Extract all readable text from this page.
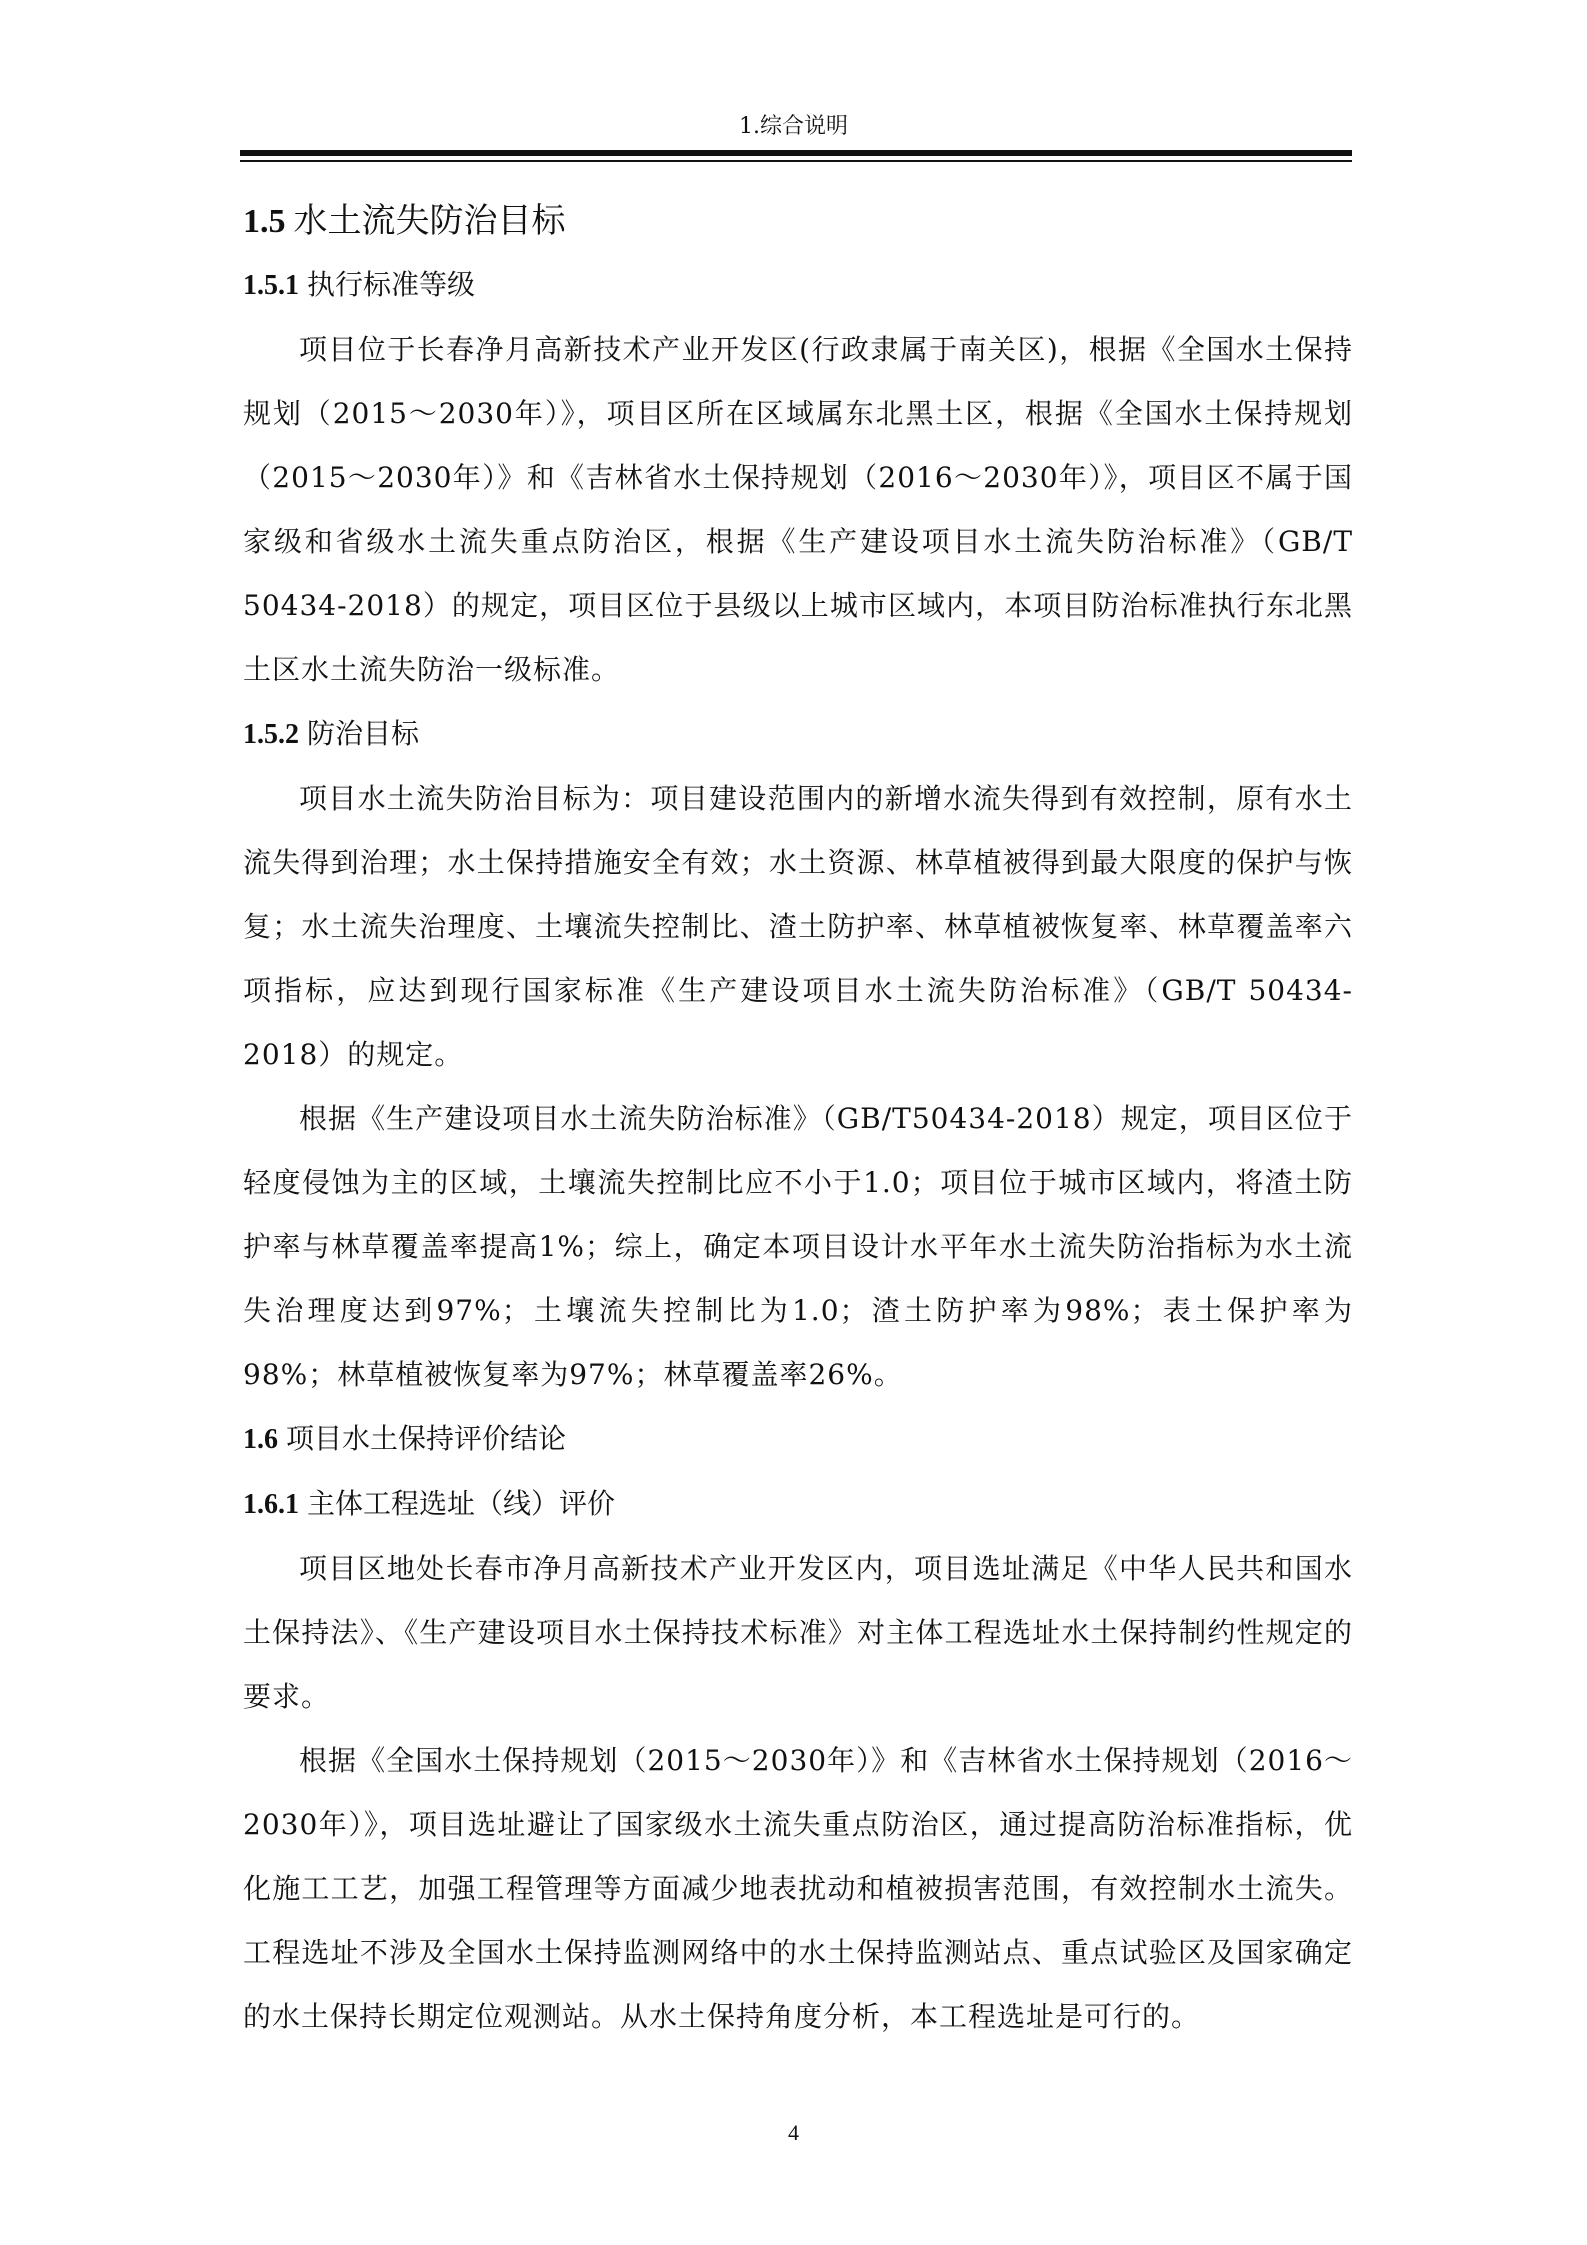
1.综合说明
1.5 水土流失防治目标
1.5.1 执行标准等级

项目位于长春净月高新技术产业开发区(行政隶属于南关区)，根据《全国水土保持规划（2015～2030年）》，项目区所在区域属东北黑土区，根据《全国水土保持规划（2015～2030年）》和《吉林省水土保持规划（2016～2030年）》，项目区不属于国家级和省级水土流失重点防治区，根据《生产建设项目水土流失防治标准》（GB/T 50434-2018）的规定，项目区位于县级以上城市区域内，本项目防治标准执行东北黑土区水土流失防治一级标准。

1.5.2 防治目标

项目水土流失防治目标为：项目建设范围内的新增水流失得到有效控制，原有水土流失得到治理；水土保持措施安全有效；水土资源、林草植被得到最大限度的保护与恢复；水土流失治理度、土壤流失控制比、渣土防护率、林草植被恢复率、林草覆盖率六项指标，应达到现行国家标准《生产建设项目水土流失防治标准》（GB/T 50434-2018）的规定。

根据《生产建设项目水土流失防治标准》（GB/T50434-2018）规定，项目区位于轻度侵蚀为主的区域，土壤流失控制比应不小于1.0；项目位于城市区域内，将渣土防护率与林草覆盖率提高1%；综上，确定本项目设计水平年水土流失防治指标为水土流失治理度达到97%；土壤流失控制比为1.0；渣土防护率为98%；表土保护率为98%；林草植被恢复率为97%；林草覆盖率26%。

1.6 项目水土保持评价结论
1.6.1 主体工程选址（线）评价

项目区地处长春市净月高新技术产业开发区内，项目选址满足《中华人民共和国水土保持法》、《生产建设项目水土保持技术标准》对主体工程选址水土保持制约性规定的要求。

根据《全国水土保持规划（2015～2030年）》和《吉林省水土保持规划（2016～2030年）》，项目选址避让了国家级水土流失重点防治区，通过提高防治标准指标，优化施工工艺，加强工程管理等方面减少地表扰动和植被损害范围，有效控制水土流失。工程选址不涉及全国水土保持监测网络中的水土保持监测站点、重点试验区及国家确定的水土保持长期定位观测站。从水土保持角度分析，本工程选址是可行的。

4
